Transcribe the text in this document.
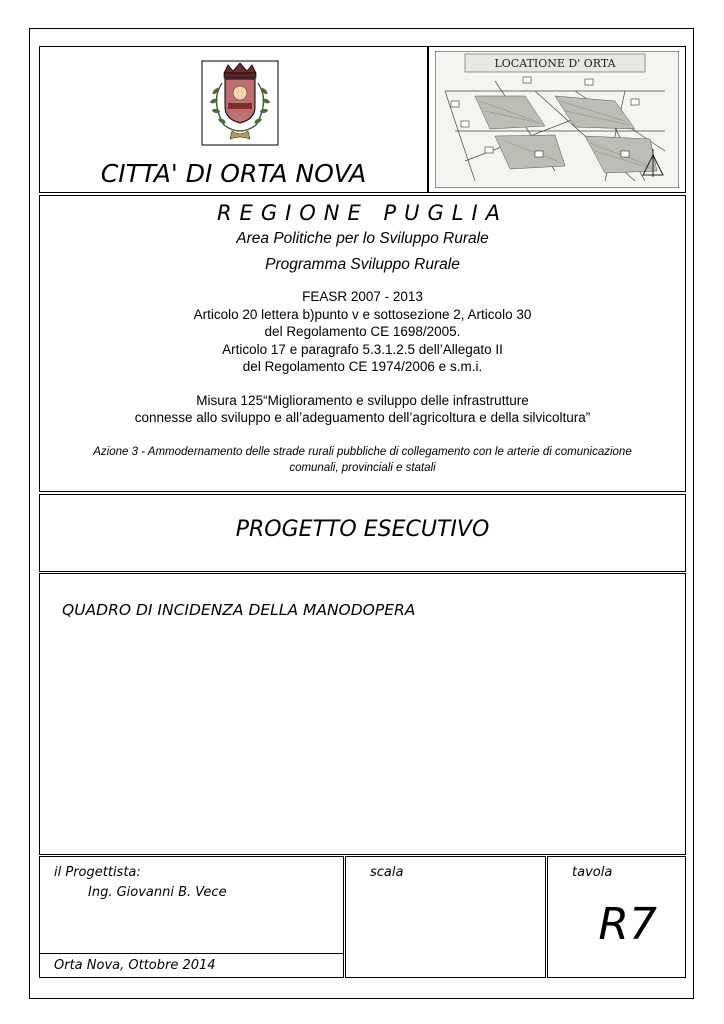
CITTA' DI ORTA NOVA
LOCATIONE D' ORTA
REGIONE PUGLIA
Area Politiche per lo Sviluppo Rurale
Programma Sviluppo Rurale
FEASR 2007 - 2013
Articolo 20 lettera b)punto v e sottosezione 2, Articolo 30
del Regolamento CE 1698/2005.
Articolo 17 e paragrafo 5.3.1.2.5 dell’Allegato II
del Regolamento CE 1974/2006 e s.m.i.
Misura 125“Miglioramento e sviluppo delle infrastrutture
connesse allo sviluppo e all’adeguamento dell’agricoltura e della silvicoltura”
Azione 3 - Ammodernamento delle strade rurali pubbliche di collegamento con le arterie di comunicazione
comunali, provinciali e statali
PROGETTO ESECUTIVO
QUADRO DI INCIDENZA DELLA MANODOPERA
il Progettista:
Ing. Giovanni B. Vece
Orta Nova, Ottobre 2014
scala	tavola
R7
